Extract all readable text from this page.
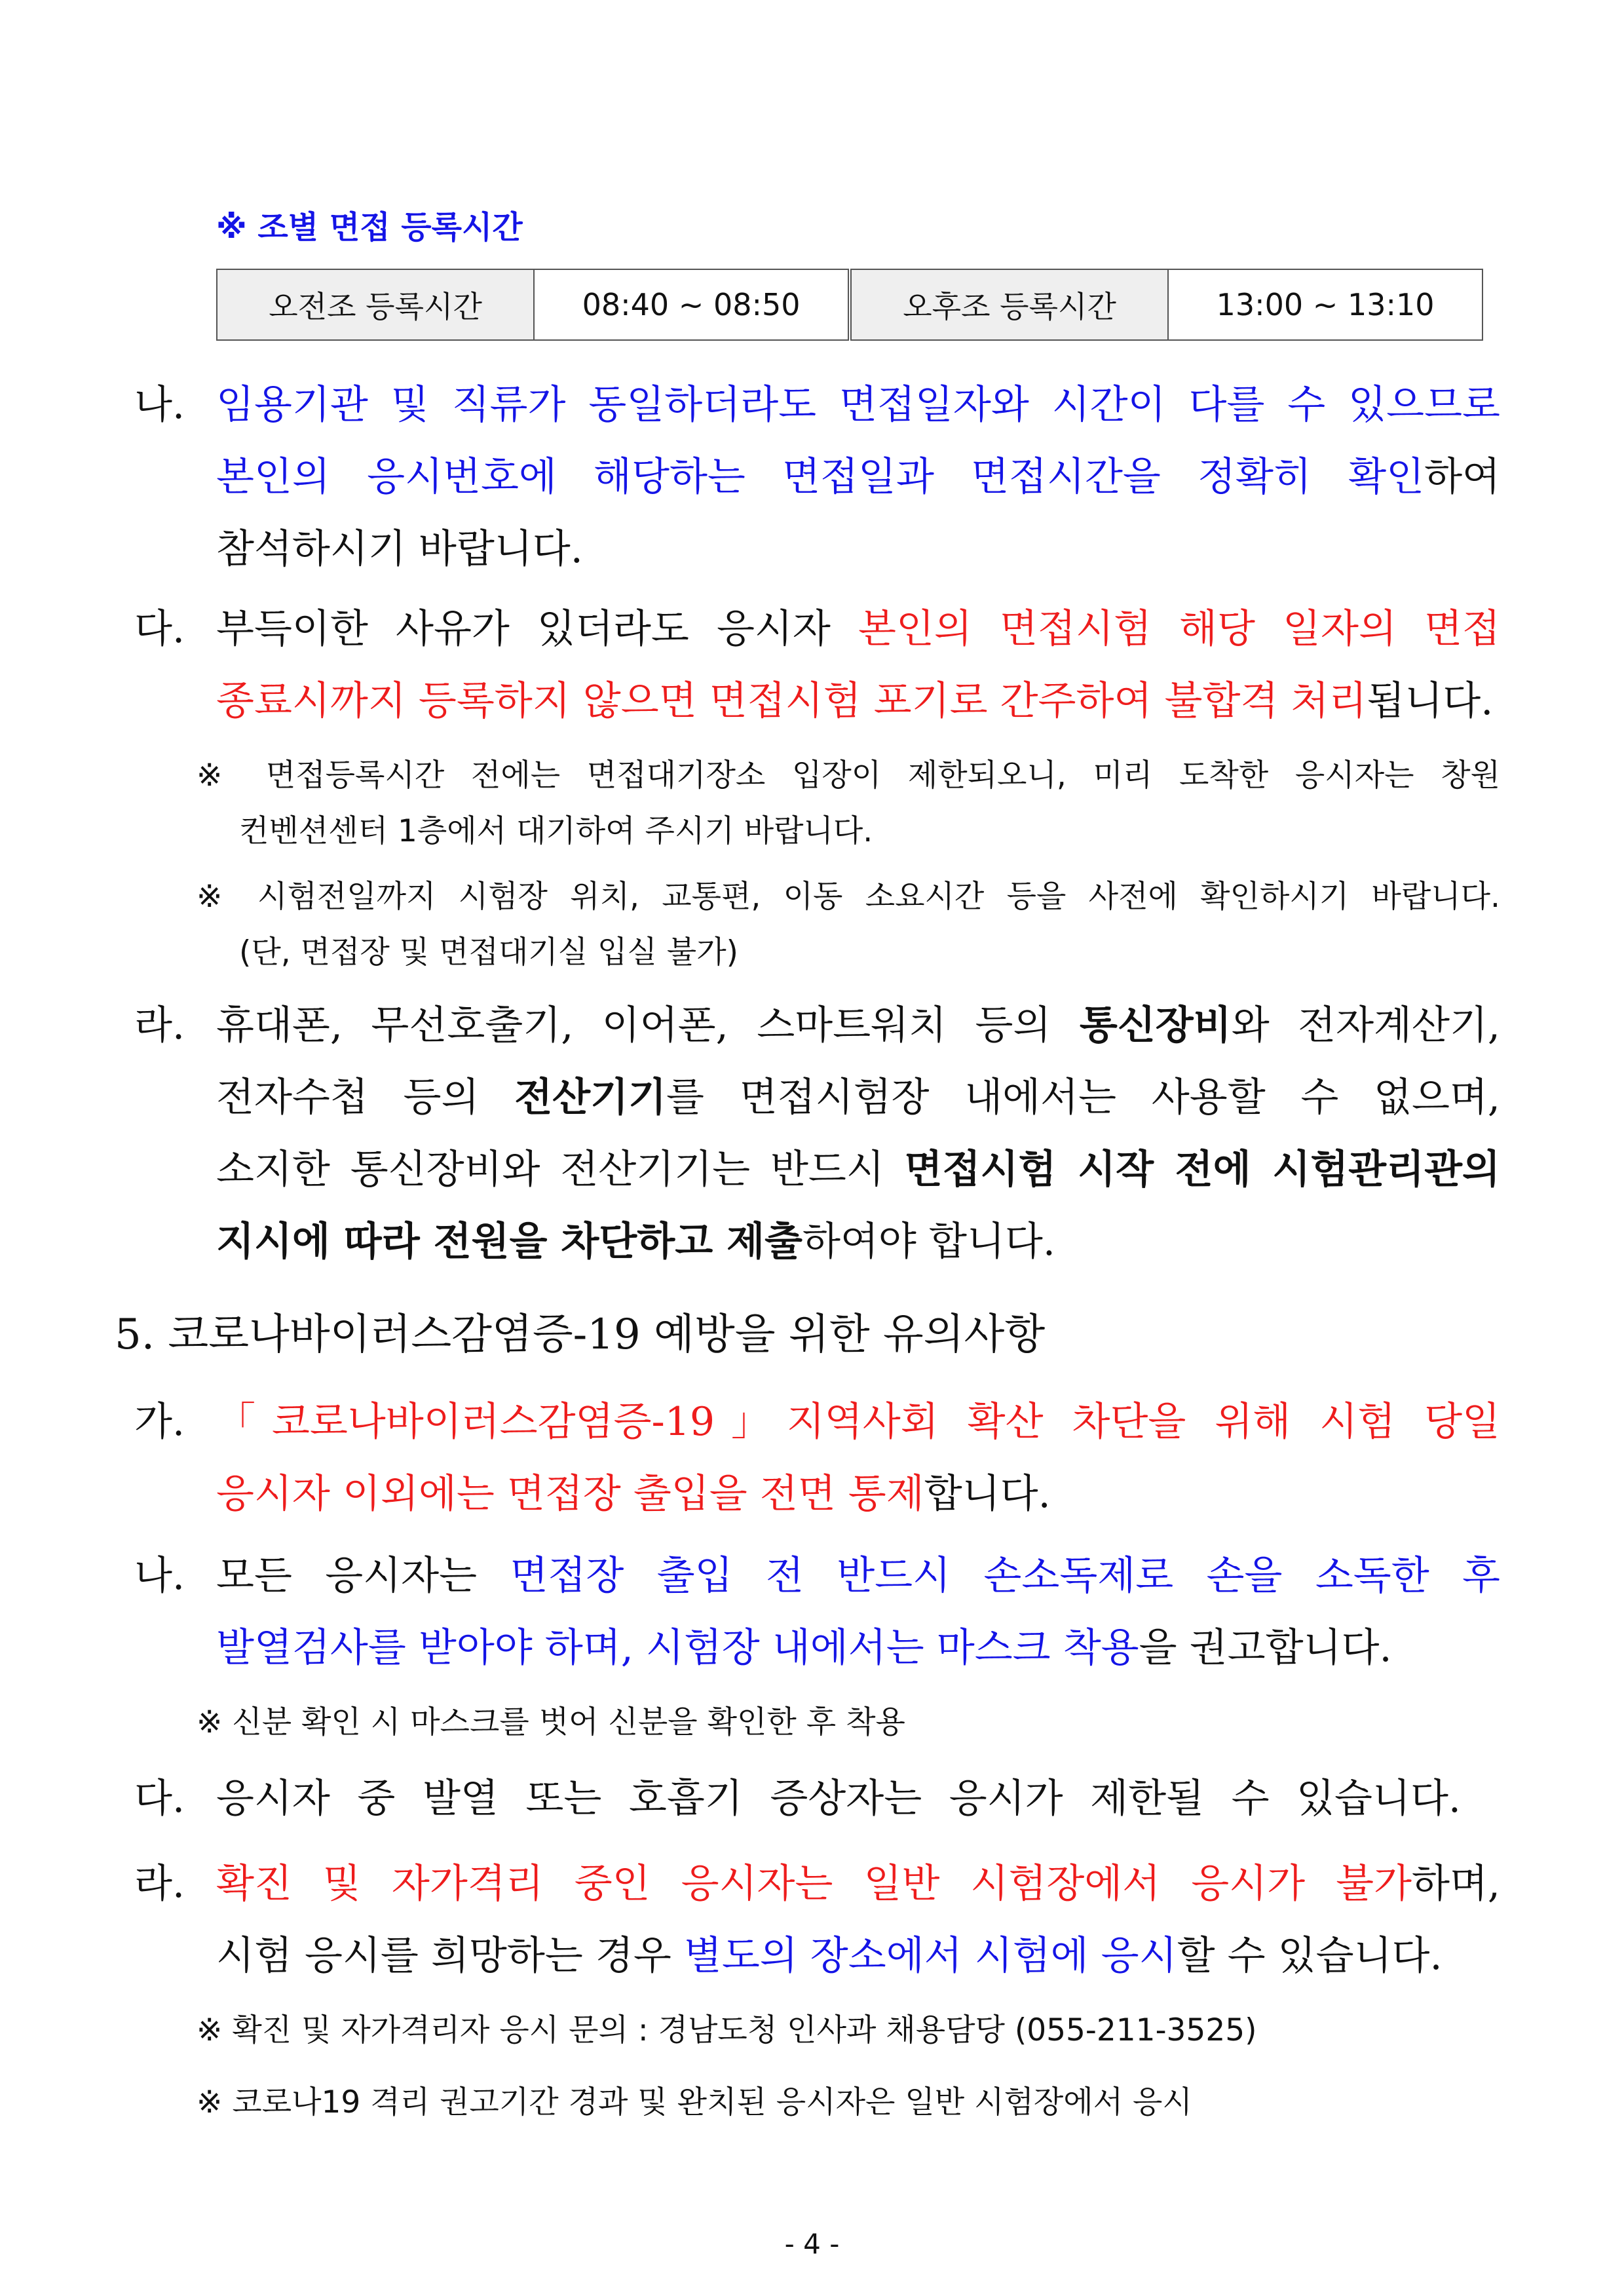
※ 조별 면접 등록시간
오전조 등록시간	08:40 ~ 08:50	오후조 등록시간	13:00 ~ 13:10
나. 임용기관 및 직류가 동일하더라도 면접일자와 시간이 다를 수 있으므로
본인의 응시번호에 해당하는 면접일과 면접시간을 정확히 확인하여
참석하시기 바랍니다.
다. 부득이한 사유가 있더라도 응시자 본인의 면접시험 해당 일자의 면접
종료시까지 등록하지 않으면 면접시험 포기로 간주하여 불합격 처리됩니다.
※ 면접등록시간 전에는 면접대기장소 입장이 제한되오니, 미리 도착한 응시자는 창원
컨벤션센터 1층에서 대기하여 주시기 바랍니다.
※ 시험전일까지 시험장 위치, 교통편, 이동 소요시간 등을 사전에 확인하시기 바랍니다.
(단, 면접장 및 면접대기실 입실 불가)
라. 휴대폰, 무선호출기, 이어폰, 스마트워치 등의 통신장비와 전자계산기,
전자수첩 등의 전산기기를 면접시험장 내에서는 사용할 수 없으며,
소지한 통신장비와 전산기기는 반드시 면접시험 시작 전에 시험관리관의
지시에 따라 전원을 차단하고 제출하여야 합니다.
5. 코로나바이러스감염증-19 예방을 위한 유의사항
가. 「코로나바이러스감염증-19」지역사회 확산 차단을 위해 시험 당일
응시자 이외에는 면접장 출입을 전면 통제합니다.
나. 모든 응시자는 면접장 출입 전 반드시 손소독제로 손을 소독한 후
발열검사를 받아야 하며, 시험장 내에서는 마스크 착용을 권고합니다.
※ 신분 확인 시 마스크를 벗어 신분을 확인한 후 착용
다. 응시자 중 발열 또는 호흡기 증상자는 응시가 제한될 수 있습니다.
라. 확진 및 자가격리 중인 응시자는 일반 시험장에서 응시가 불가하며,
시험 응시를 희망하는 경우 별도의 장소에서 시험에 응시할 수 있습니다.
※ 확진 및 자가격리자 응시 문의 : 경남도청 인사과 채용담당 (055-211-3525)
※ 코로나19 격리 권고기간 경과 및 완치된 응시자은 일반 시험장에서 응시
- 4 -
